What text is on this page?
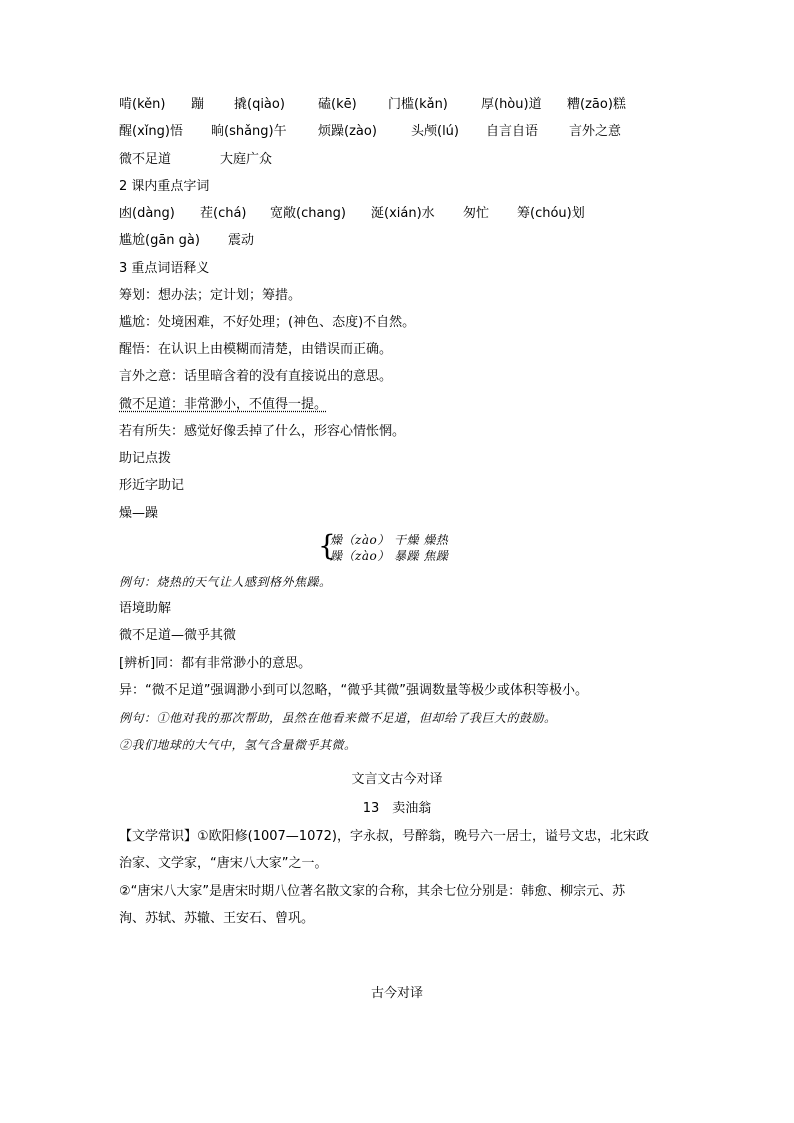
啃(kěn) 蹦 撬(qiào)	磕(kē) 门槛(kǎn)	厚(hòu)道 糟(zāo)糕
醒(xǐng)悟 晌(shǎng)午 烦躁(zào)	头颅(lú) 自言自语 言外之意
微不足道	大庭广众
2 课内重点字词
凼(dàng) 茬(chá) 宽敞(chang) 涎(xián)水 匆忙 筹(chóu)划
尴尬(gān gà) 震动
3 重点词语释义
筹划：想办法；定计划；筹措。
尴尬：处境困难，不好处理；(神色、态度)不自然。
醒悟：在认识上由模糊而清楚，由错误而正确。
言外之意：话里暗含着的没有直接说出的意思。
微不足道：非常渺小，不值得一提。
若有所失：感觉好像丢掉了什么，形容心情怅惘。
助记点拨
形近字助记
燥—躁
{
燥（zào） 干燥 燥热
躁（zào） 暴躁 焦躁
例句：烧热的天气让人感到格外焦躁。
语境助解
微不足道—微乎其微
[辨析]同：都有非常渺小的意思。
异：“微不足道”强调渺小到可以忽略，“微乎其微”强调数量等极少或体积等极小。
例句：①他对我的那次帮助，虽然在他看来微不足道，但却给了我巨大的鼓励。
②我们地球的大气中，氢气含量微乎其微。
文言文古今对译
13　卖油翁
【文学常识】①欧阳修(1007—1072)，字永叔，号醉翁，晚号六一居士，谥号文忠，北宋政
治家、文学家，“唐宋八大家”之一。
②“唐宋八大家”是唐宋时期八位著名散文家的合称，其余七位分别是：韩愈、柳宗元、苏
洵、苏轼、苏辙、王安石、曾巩。
古今对译
